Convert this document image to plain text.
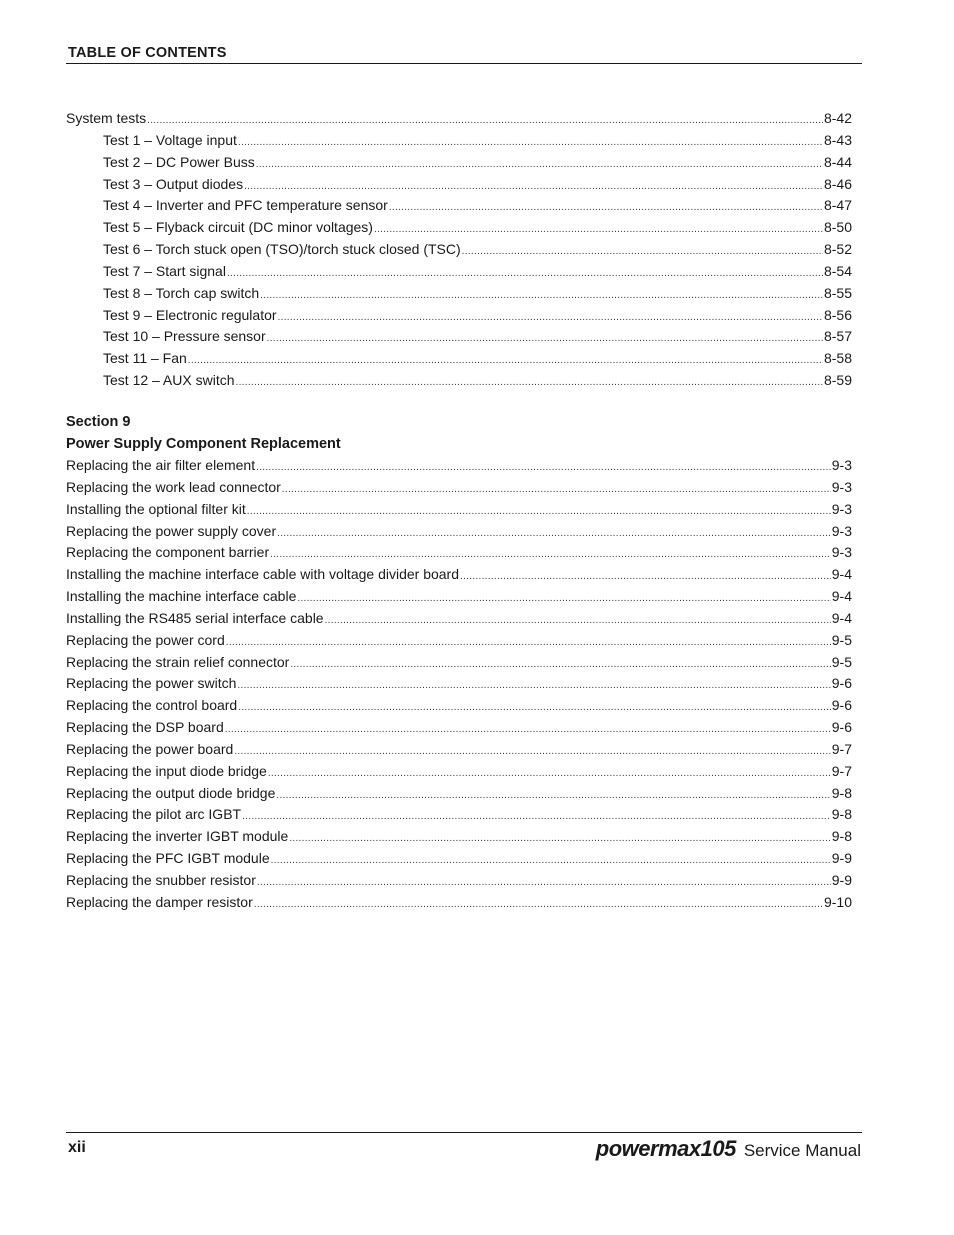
TABLE OF CONTENTS
System tests .....	8-42
Test 1 – Voltage input .....	8-43
Test 2 – DC Power Buss .....	8-44
Test 3 – Output diodes .....	8-46
Test 4 – Inverter and PFC temperature sensor .....	8-47
Test 5 – Flyback circuit (DC minor voltages) .....	8-50
Test 6 – Torch stuck open (TSO)/torch stuck closed (TSC) .....	8-52
Test 7 – Start signal .....	8-54
Test 8 – Torch cap switch .....	8-55
Test 9 – Electronic regulator .....	8-56
Test 10 – Pressure sensor .....	8-57
Test 11 – Fan .....	8-58
Test 12 – AUX switch .....	8-59
Section 9
Power Supply Component Replacement
Replacing the air filter element .....	9-3
Replacing the work lead connector .....	9-3
Installing the optional filter kit .....	9-3
Replacing the power supply cover .....	9-3
Replacing the component barrier .....	9-3
Installing the machine interface cable with voltage divider board .....	9-4
Installing the machine interface cable .....	9-4
Installing the RS485 serial interface cable .....	9-4
Replacing the power cord .....	9-5
Replacing the strain relief connector .....	9-5
Replacing the power switch .....	9-6
Replacing the control board .....	9-6
Replacing the DSP board .....	9-6
Replacing the power board .....	9-7
Replacing the input diode bridge .....	9-7
Replacing the output diode bridge .....	9-8
Replacing the pilot arc IGBT .....	9-8
Replacing the inverter IGBT module .....	9-8
Replacing the PFC IGBT module .....	9-9
Replacing the snubber resistor .....	9-9
Replacing the damper resistor .....	9-10
xii	powermax105 Service Manual
